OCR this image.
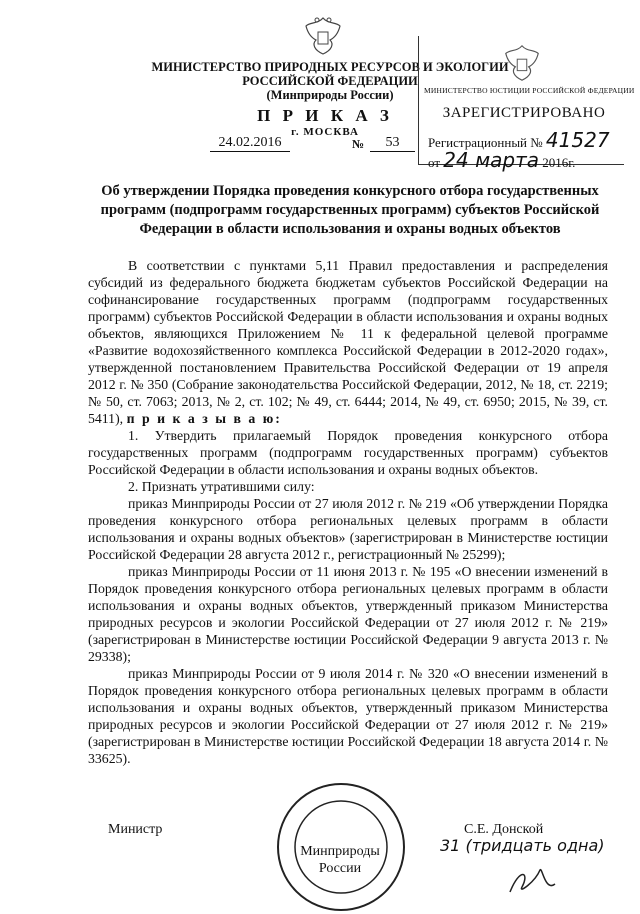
МИНИСТЕРСТВО ПРИРОДНЫХ РЕСУРСОВ И ЭКОЛОГИИ
РОССИЙСКОЙ ФЕДЕРАЦИИ
(Минприроды России)
П Р И К А З
г. МОСКВА
24.02.2016	№	53
МИНИСТЕРСТВО ЮСТИЦИИ РОССИЙСКОЙ ФЕДЕРАЦИИ
ЗАРЕГИСТРИРОВАНО
Регистрационный № 41527
от 24 марта 2016г.
Об утверждении Порядка проведения конкурсного отбора государственных программ (подпрограмм государственных программ) субъектов Российской Федерации в области использования и охраны водных объектов

В соответствии с пунктами 5,11 Правил предоставления и распределения субсидий из федерального бюджета бюджетам субъектов Российской Федерации на софинансирование государственных программ (подпрограмм государственных программ) субъектов Российской Федерации в области использования и охраны водных объектов, являющихся Приложением № 11 к федеральной целевой программе «Развитие водохозяйственного комплекса Российской Федерации в 2012-2020 годах», утвержденной постановлением Правительства Российской Федерации от 19 апреля 2012 г. № 350 (Собрание законодательства Российской Федерации, 2012, № 18, ст. 2219; № 50, ст. 7063; 2013, № 2, ст. 102; № 49, ст. 6444; 2014, № 49, ст. 6950; 2015, № 39, ст. 5411), п р и к а з ы в а ю:

1. Утвердить прилагаемый Порядок проведения конкурсного отбора государственных программ (подпрограмм государственных программ) субъектов Российской Федерации в области использования и охраны водных объектов.

2. Признать утратившими силу:

приказ Минприроды России от 27 июля 2012 г. № 219 «Об утверждении Порядка проведения конкурсного отбора региональных целевых программ в области использования и охраны водных объектов» (зарегистрирован в Министерстве юстиции Российской Федерации 28 августа 2012 г., регистрационный № 25299);

приказ Минприроды России от 11 июня 2013 г. № 195 «О внесении изменений в Порядок проведения конкурсного отбора региональных целевых программ в области использования и охраны водных объектов, утвержденный приказом Министерства природных ресурсов и экологии Российской Федерации от 27 июля 2012 г. № 219» (зарегистрирован в Министерстве юстиции Российской Федерации 9 августа 2013 г. № 29338);

приказ Минприроды России от 9 июля 2014 г. № 320 «О внесении изменений в Порядок проведения конкурсного отбора региональных целевых программ в области использования и охраны водных объектов, утвержденный приказом Министерства природных ресурсов и экологии Российской Федерации от 27 июля 2012 г. № 219» (зарегистрирован в Министерстве юстиции Российской Федерации 18 августа 2014 г. № 33625).

Министр
Минприроды России
С.Е. Донской
31 (тридцать одна)
